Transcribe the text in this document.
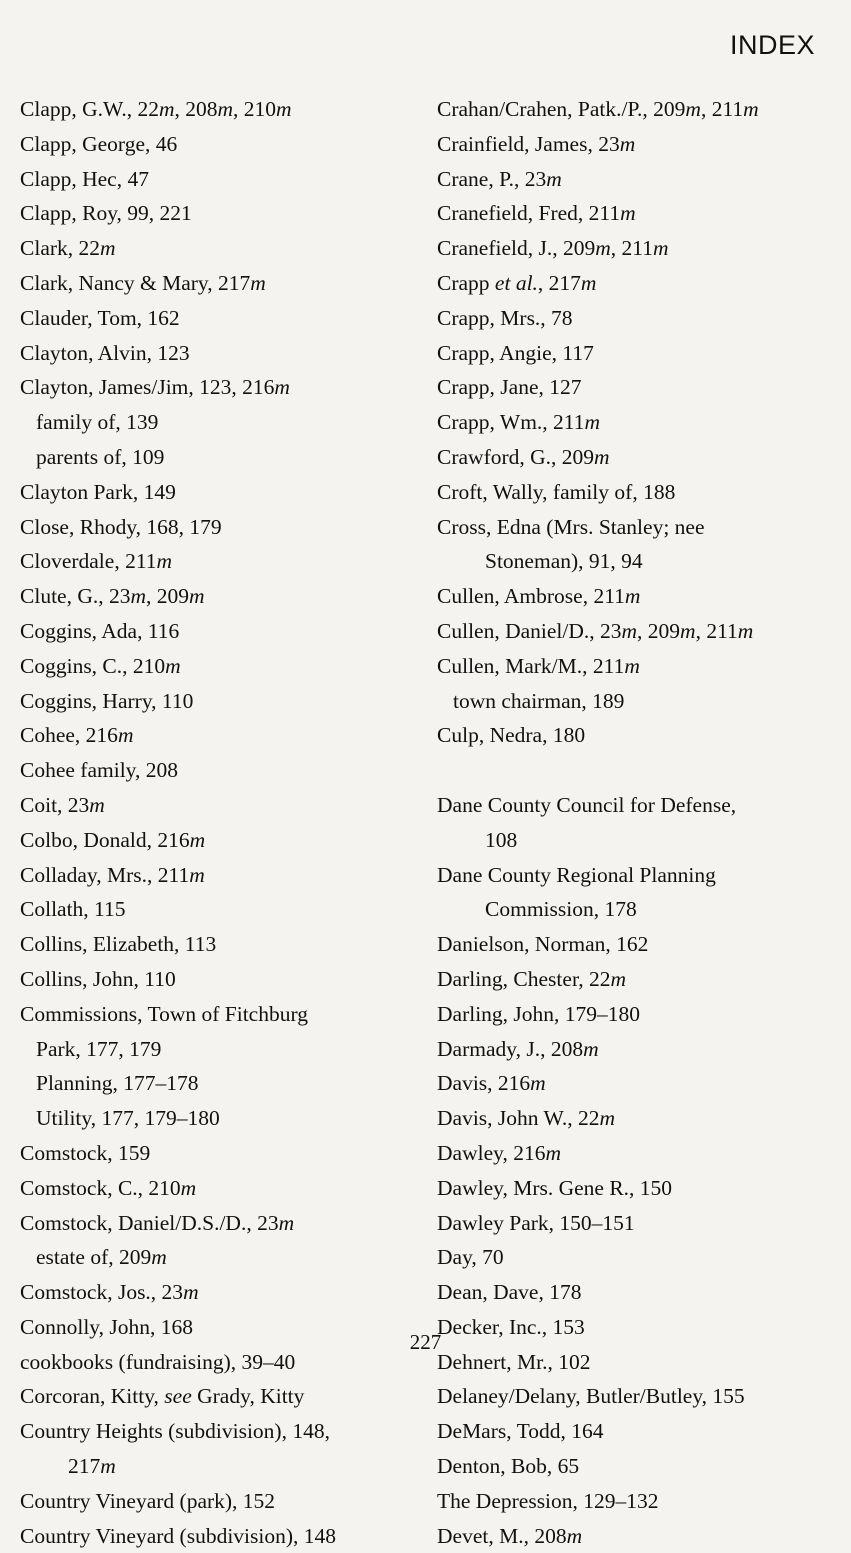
INDEX
Clapp, G.W., 22m, 208m, 210m
Clapp, George, 46
Clapp, Hec, 47
Clapp, Roy, 99, 221
Clark, 22m
Clark, Nancy & Mary, 217m
Clauder, Tom, 162
Clayton, Alvin, 123
Clayton, James/Jim, 123, 216m
family of, 139
parents of, 109
Clayton Park, 149
Close, Rhody, 168, 179
Cloverdale, 211m
Clute, G., 23m, 209m
Coggins, Ada, 116
Coggins, C., 210m
Coggins, Harry, 110
Cohee, 216m
Cohee family, 208
Coit, 23m
Colbo, Donald, 216m
Colladay, Mrs., 211m
Collath, 115
Collins, Elizabeth, 113
Collins, John, 110
Commissions, Town of Fitchburg
Park, 177, 179
Planning, 177–178
Utility, 177, 179–180
Comstock, 159
Comstock, C., 210m
Comstock, Daniel/D.S./D., 23m
estate of, 209m
Comstock, Jos., 23m
Connolly, John, 168
cookbooks (fundraising), 39–40
Corcoran, Kitty, see Grady, Kitty
Country Heights (subdivision), 148,
217m
Country Vineyard (park), 152
Country Vineyard (subdivision), 148
Crahan/Crahen, Patk./P., 209m, 211m
Crainfield, James, 23m
Crane, P., 23m
Cranefield, Fred, 211m
Cranefield, J., 209m, 211m
Crapp et al., 217m
Crapp, Mrs., 78
Crapp, Angie, 117
Crapp, Jane, 127
Crapp, Wm., 211m
Crawford, G., 209m
Croft, Wally, family of, 188
Cross, Edna (Mrs. Stanley; nee
Stoneman), 91, 94
Cullen, Ambrose, 211m
Cullen, Daniel/D., 23m, 209m, 211m
Cullen, Mark/M., 211m
town chairman, 189
Culp, Nedra, 180
Dane County Council for Defense,
108
Dane County Regional Planning
Commission, 178
Danielson, Norman, 162
Darling, Chester, 22m
Darling, John, 179–180
Darmady, J., 208m
Davis, 216m
Davis, John W., 22m
Dawley, 216m
Dawley, Mrs. Gene R., 150
Dawley Park, 150–151
Day, 70
Dean, Dave, 178
Decker, Inc., 153
Dehnert, Mr., 102
Delaney/Delany, Butler/Butley, 155
DeMars, Todd, 164
Denton, Bob, 65
The Depression, 129–132
Devet, M., 208m
227
